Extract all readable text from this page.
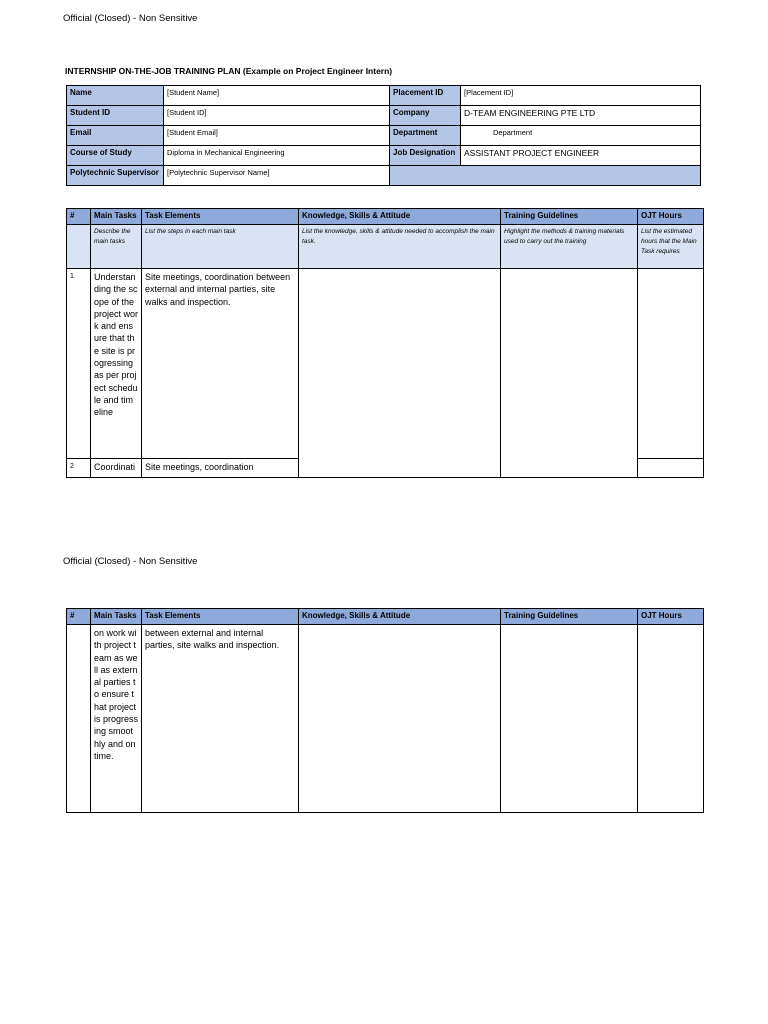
Official (Closed) - Non Sensitive
INTERNSHIP ON-THE-JOB TRAINING PLAN (Example on Project Engineer Intern)
Name	[Student Name]	Placement ID	[Placement ID]
Student ID	[Student ID]	Company	D-TEAM ENGINEERING PTE LTD
Email	[Student Email]	Department	Department
Course of Study	Diploma in Mechanical Engineering	Job Designation	ASSISTANT PROJECT ENGINEER
Polytechnic Supervisor	[Polytechnic Supervisor Name]		
#	Main Tasks	Task Elements	Knowledge, Skills & Attitude	Training Guidelines	OJT Hours
	Describe the main tasks	List the steps in each main task	List the knowledge, skills & attitude needed to accomplish the main task.	Highlight the methods & training materials used to carry out the training	List the estimated hours that the Main Task requires
1	Understanding the scope of the project work and ensure that the site is progressing as per project schedule and timeline	Site meetings, coordination between external and internal parties, site walks and inspection.			
2	Coordinati	Site meetings, coordination			
Official (Closed) - Non Sensitive
#	Main Tasks	Task Elements	Knowledge, Skills & Attitude	Training Guidelines	OJT Hours
	on work with project team as well as external parties to ensure that project is progressing smoothly and on time.	between external and internal parties, site walks and inspection.			
